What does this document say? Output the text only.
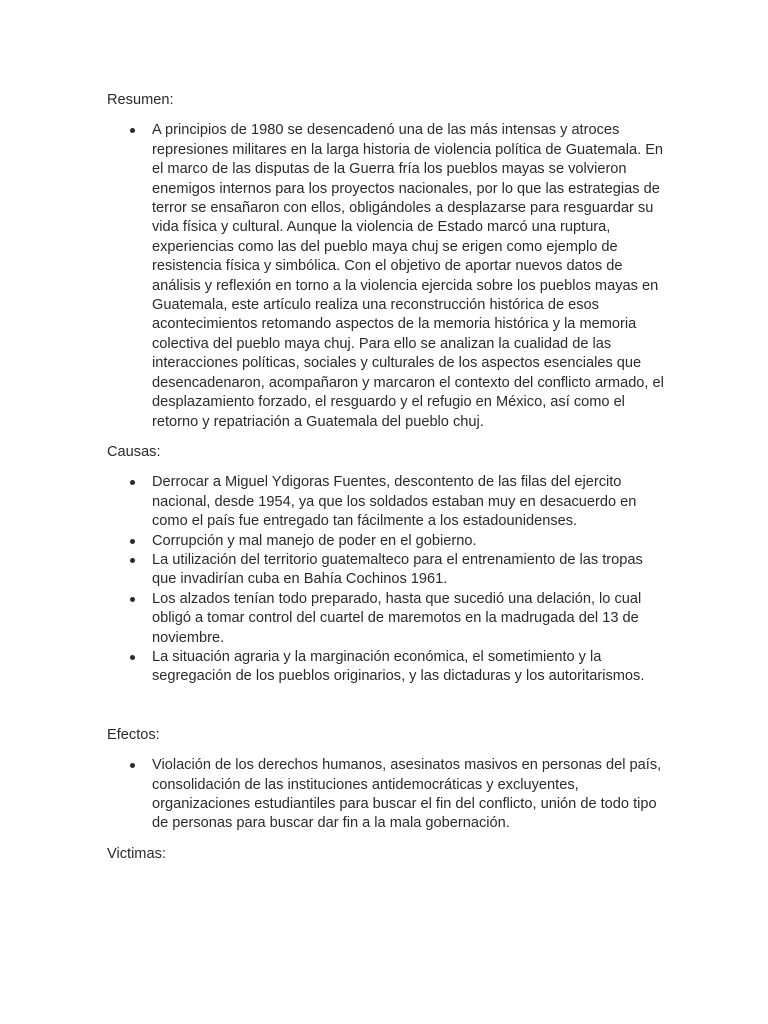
Resumen:

A principios de 1980 se desencadenó una de las más intensas y atroces represiones militares en la larga historia de violencia política de Guatemala. En el marco de las disputas de la Guerra fría los pueblos mayas se volvieron enemigos internos para los proyectos nacionales, por lo que las estrategias de terror se ensañaron con ellos, obligándoles a desplazarse para resguardar su vida física y cultural. Aunque la violencia de Estado marcó una ruptura, experiencias como las del pueblo maya chuj se erigen como ejemplo de resistencia física y simbólica. Con el objetivo de aportar nuevos datos de análisis y reflexión en torno a la violencia ejercida sobre los pueblos mayas en Guatemala, este artículo realiza una reconstrucción histórica de esos acontecimientos retomando aspectos de la memoria histórica y la memoria colectiva del pueblo maya chuj. Para ello se analizan la cualidad de las interacciones políticas, sociales y culturales de los aspectos esenciales que desencadenaron, acompañaron y marcaron el contexto del conflicto armado, el desplazamiento forzado, el resguardo y el refugio en México, así como el retorno y repatriación a Guatemala del pueblo chuj.

Causas:

Derrocar a Miguel Ydigoras Fuentes, descontento de las filas del ejercito nacional, desde 1954, ya que los soldados estaban muy en desacuerdo en como el país fue entregado tan fácilmente a los estadounidenses.
Corrupción y mal manejo de poder en el gobierno.
La utilización del territorio guatemalteco para el entrenamiento de las tropas que invadirían cuba en Bahía Cochinos 1961.
Los alzados tenían todo preparado, hasta que sucedió una delación, lo cual obligó a tomar control del cuartel de maremotos en la madrugada del 13 de noviembre.
La situación agraria y la marginación económica, el sometimiento y la segregación de los pueblos originarios, y las dictaduras y los autoritarismos.

Efectos:

Violación de los derechos humanos, asesinatos masivos en personas del país, consolidación de las instituciones antidemocráticas y excluyentes, organizaciones estudiantiles para buscar el fin del conflicto, unión de todo tipo de personas para buscar dar fin a la mala gobernación.

Victimas:
